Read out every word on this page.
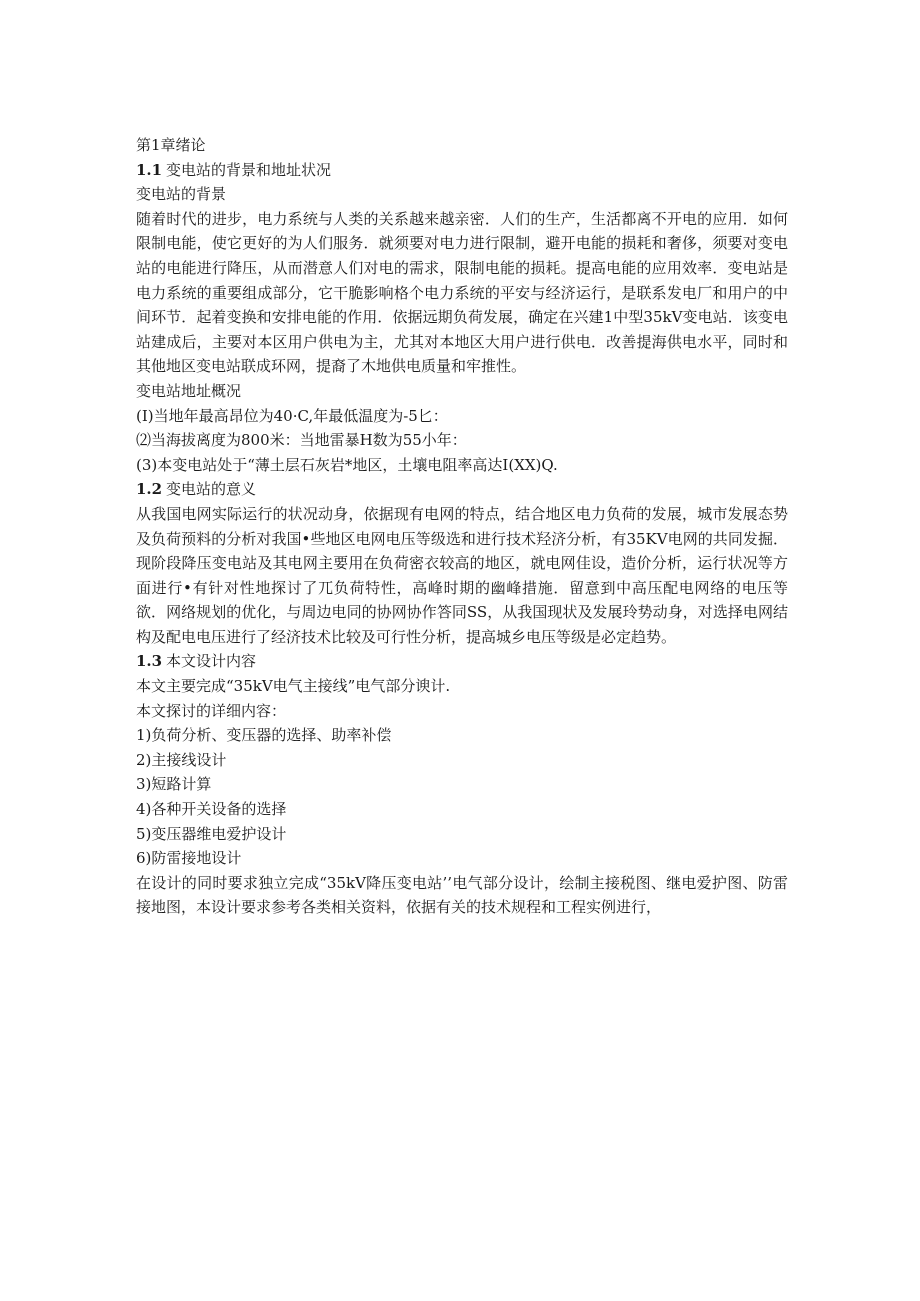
第1章绪论

1.1 变电站的背景和地址状况

变电站的背景

随着时代的进步，电力系统与人类的关系越来越亲密．人们的生产，生活都离不开电的应用．如何限制电能，使它更好的为人们服务．就须要对电力进行限制，避开电能的损耗和奢侈，须要对变电站的电能进行降压，从而潜意人们对电的需求，限制电能的损耗。提高电能的应用效率．变电站是电力系统的重要组成部分，它干脆影响格个电力系统的平安与经济运行，是联系发电厂和用户的中间环节．起着变换和安排电能的作用．依据远期负荷发展，确定在兴建1中型35kV变电站．该变电站建成后，主要对本区用户供电为主，尤其对本地区大用户进行供电．改善提海供电水平，同时和其他地区变电站联成环网，提裔了木地供电质量和牢推性。

变电站地址概况

(I)当地年最高昂位为40·C,年最低温度为-5匕：

⑵当海拔离度为800米：当地雷暴H数为55小年：

(3)本变电站处于“薄土层石灰岩*地区，土壤电阻率高达I(XX)Q.

1.2 变电站的意义

从我国电网实际运行的状况动身，依据现有电网的特点，结合地区电力负荷的发展，城市发展态势及负荷预料的分析对我国•些地区电网电压等级选和进行技术羟济分析，有35KV电网的共同发掘．现阶段降压变电站及其电网主要用在负荷密衣较高的地区，就电网佳设，造价分析，运行状况等方面进行•有针对性地探讨了兀负荷特性，高峰时期的幽峰措施．留意到中高压配电网络的电压等欲．网络规划的优化，与周边电同的协网协作答同SS，从我国现状及发展玲势动身，对选择电网结构及配电电压进行了经济技术比较及可行性分析，提高城乡电压等级是必定趋势。

1.3 本文设计内容

本文主要完成“35kV电气主接线”电气部分谀计.

本文探讨的详细内容：

1)负荷分析、变压器的选择、助率补偿

2)主接线设计

3)短路计算

4)各种开关设备的选择

5)变压器维电爱护设计

6)防雷接地设计

在设计的同时要求独立完成“35kV降压变电站’’电气部分设计，绘制主接税图、继电爱护图、防雷接地图，本设计要求参考各类相关资料，依据有关的技术规程和工程实例进行，
